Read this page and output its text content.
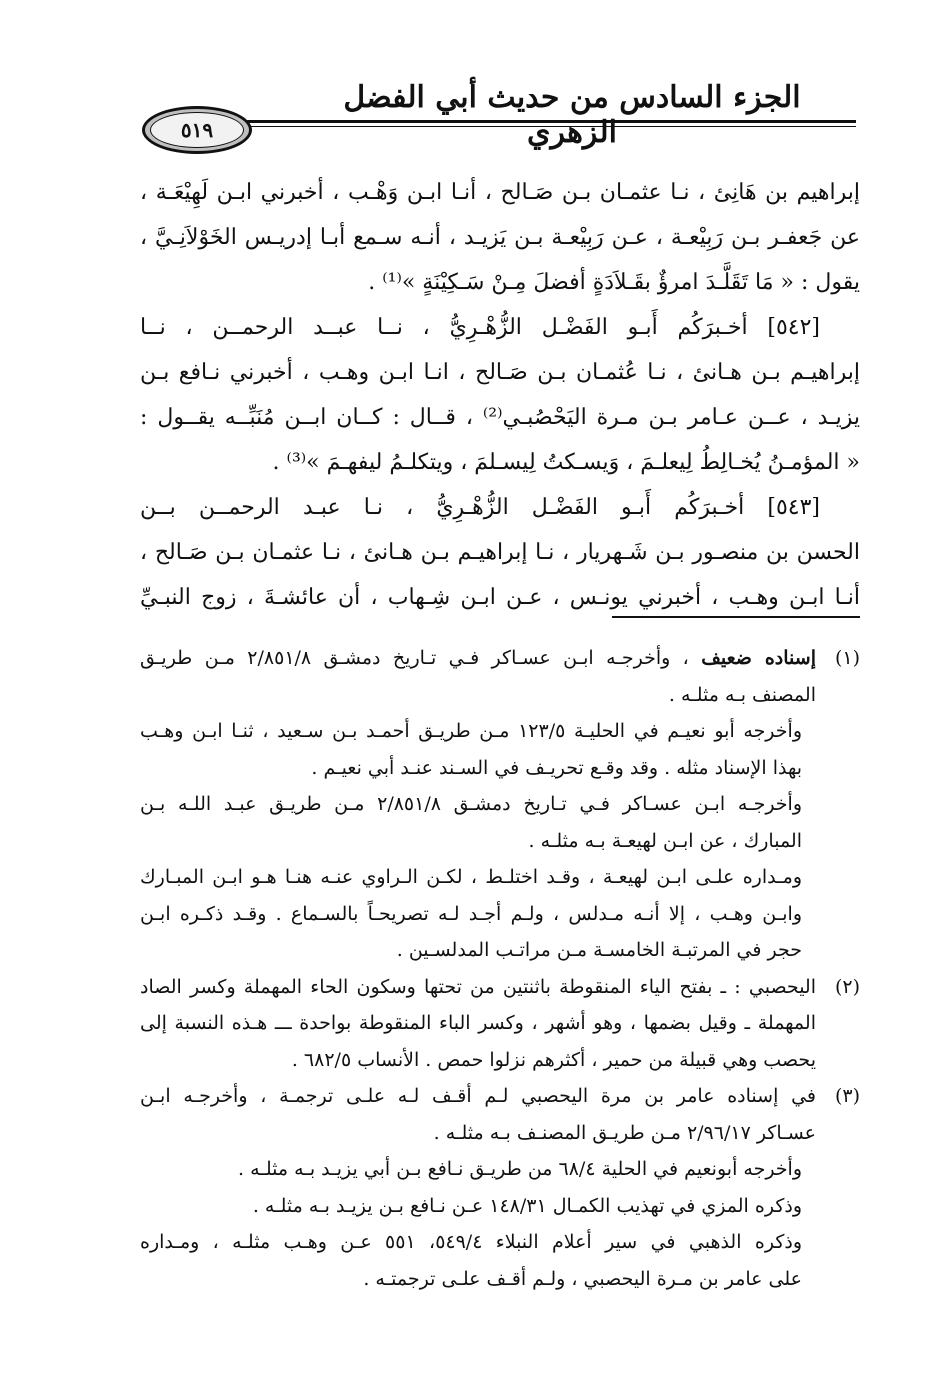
الجزء السادس من حديث أبي الفضل الزهري
٥١٩
إبراهيم بن هَانِئ ، نـا عثمـان بـن صَـالح ، أنـا ابـن وَهْـب ، أخبرني ابـن لَهِيْعَـة ،
عن جَعفـر بـن رَبِيْعـة ، عـن رَبِيْعـة بـن يَزيـد ، أنـه سـمع أبـا إدريـس الخَوْلاَنِـيَّ ،
يقول : « مَا تَقَلَّـدَ امرؤٌ بقَـلاَدَةٍ أفضلَ مِـنْ سَـكِيْنَةٍ »⁽¹⁾ .
[٥٤٢] أخـبرَكُم أَبـو الفَضْـل الزُّهْـرِيُّ ، نــا عبــد الرحمــن ، نــا
إبراهيـم بـن هـانئ ، نـا عُثمـان بـن صَـالح ، انـا ابـن وهـب ، أخبرني نـافع بـن
يزيـد ، عــن عـامر بـن مـرة اليَحْصُبـي⁽²⁾ ، قــال : كــان ابــن مُنَبِّــه يقــول :
« المؤمـنُ يُخـالِطُ لِيعلـمَ ، وَيسـكتُ لِيسـلمَ ، ويتكلـمُ ليفهـمَ »⁽³⁾ .
[٥٤٣] أخـبرَكُم أَبـو الفَضْـل الزُّهْـرِيُّ ، نـا عبـد الرحمــن بــن
الحسن بن منصـور بـن شَـهريار ، نـا إبراهيـم بـن هـانئ ، نـا عثمـان بـن صَـالح ،
أنـا ابـن وهـب ، أخبرني يونـس ، عـن ابـن شِـهاب ، أن عائشـةَ ، زوج النبـيِّ
(١)
إسناده ضعيف ، وأخرجـه ابـن عسـاكر فـي تـاريخ دمشـق ٢/٨٥١/٨ مـن طريـق
المصنف بـه مثلـه .
وأخرجه أبو نعيـم في الحليـة ١٢٣/٥ مـن طريـق أحمـد بـن سـعيد ، ثنـا ابـن وهـب
بهذا الإسناد مثله . وقد وقـع تحريـف في السـند عنـد أبي نعيـم .
وأخرجـه ابـن عسـاكر فـي تـاريخ دمشـق ٢/٨٥١/٨ مـن طريـق عبـد اللـه بـن
المبارك ، عن ابـن لهيعـة بـه مثلـه .
ومـداره علـى ابـن لهيعـة ، وقـد اختلـط ، لكـن الـراوي عنـه هنـا هـو ابـن المبـارك
وابـن وهـب ، إلا أنـه مـدلس ، ولـم أجـد لـه تصريحـاً بالسـماع . وقـد ذكـره ابـن
حجر في المرتبـة الخامسـة مـن مراتـب المدلسـين .
(٢)
اليحصبي : ـ بفتح الياء المنقوطة باثنتين من تحتها وسكون الحاء المهملة وكسر الصاد
المهملة ـ وقيل بضمها ، وهو أشهر ، وكسر الباء المنقوطة بواحدة ـــ هـذه النسبة إلى
يحصب وهي قبيلة من حمير ، أكثرهم نزلوا حمص . الأنساب ٦٨٢/٥ .
(٣)
في إسناده عامر بن مرة اليحصبي لـم أقـف لـه علـى ترجمـة ، وأخرجـه ابـن
عسـاكر ٢/٩٦/١٧ مـن طريـق المصنـف بـه مثلـه .
وأخرجه أبونعيم في الحلية ٦٨/٤ من طريـق نـافع بـن أبي يزيـد بـه مثلـه .
وذكره المزي في تهذيب الكمـال ١٤٨/٣١ عـن نـافع بـن يزيـد بـه مثلـه .
وذكره الذهبي في سير أعلام النبلاء ٥٤٩/٤، ٥٥١ عـن وهـب مثلـه ، ومـداره
على عامر بن مـرة اليحصبي ، ولـم أقـف علـى ترجمتـه .
